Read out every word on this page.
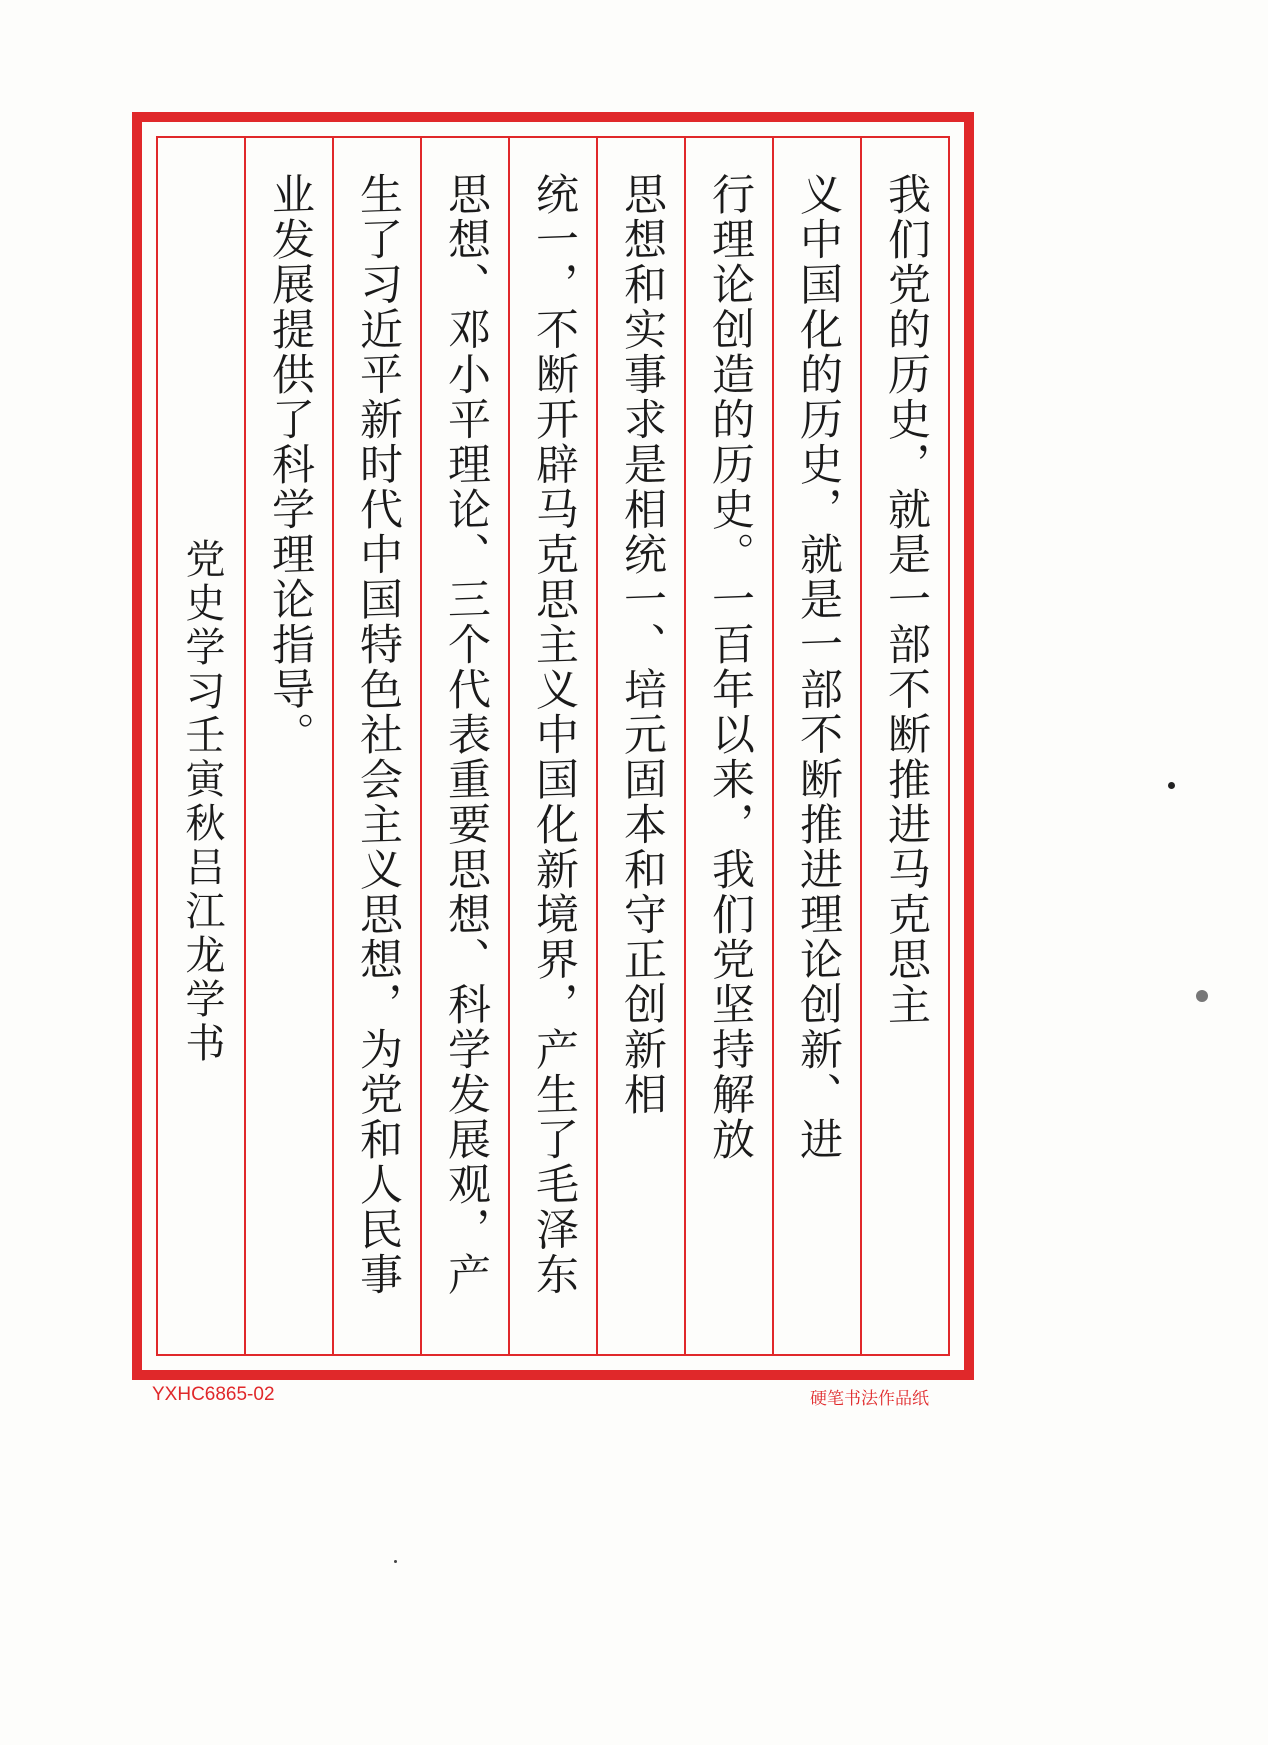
我们党的历史，就是一部不断推进马克思主
义中国化的历史，就是一部不断推进理论创新、进
行理论创造的历史。一百年以来，我们党坚持解放
思想和实事求是相统一、培元固本和守正创新相
统一，不断开辟马克思主义中国化新境界，产生了毛泽东
思想、邓小平理论、三个代表重要思想、科学发展观，产
生了习近平新时代中国特色社会主义思想，为党和人民事
业发展提供了科学理论指导。
党史学习壬寅秋吕江龙学书
YXHC6865-02	硬笔书法作品纸
